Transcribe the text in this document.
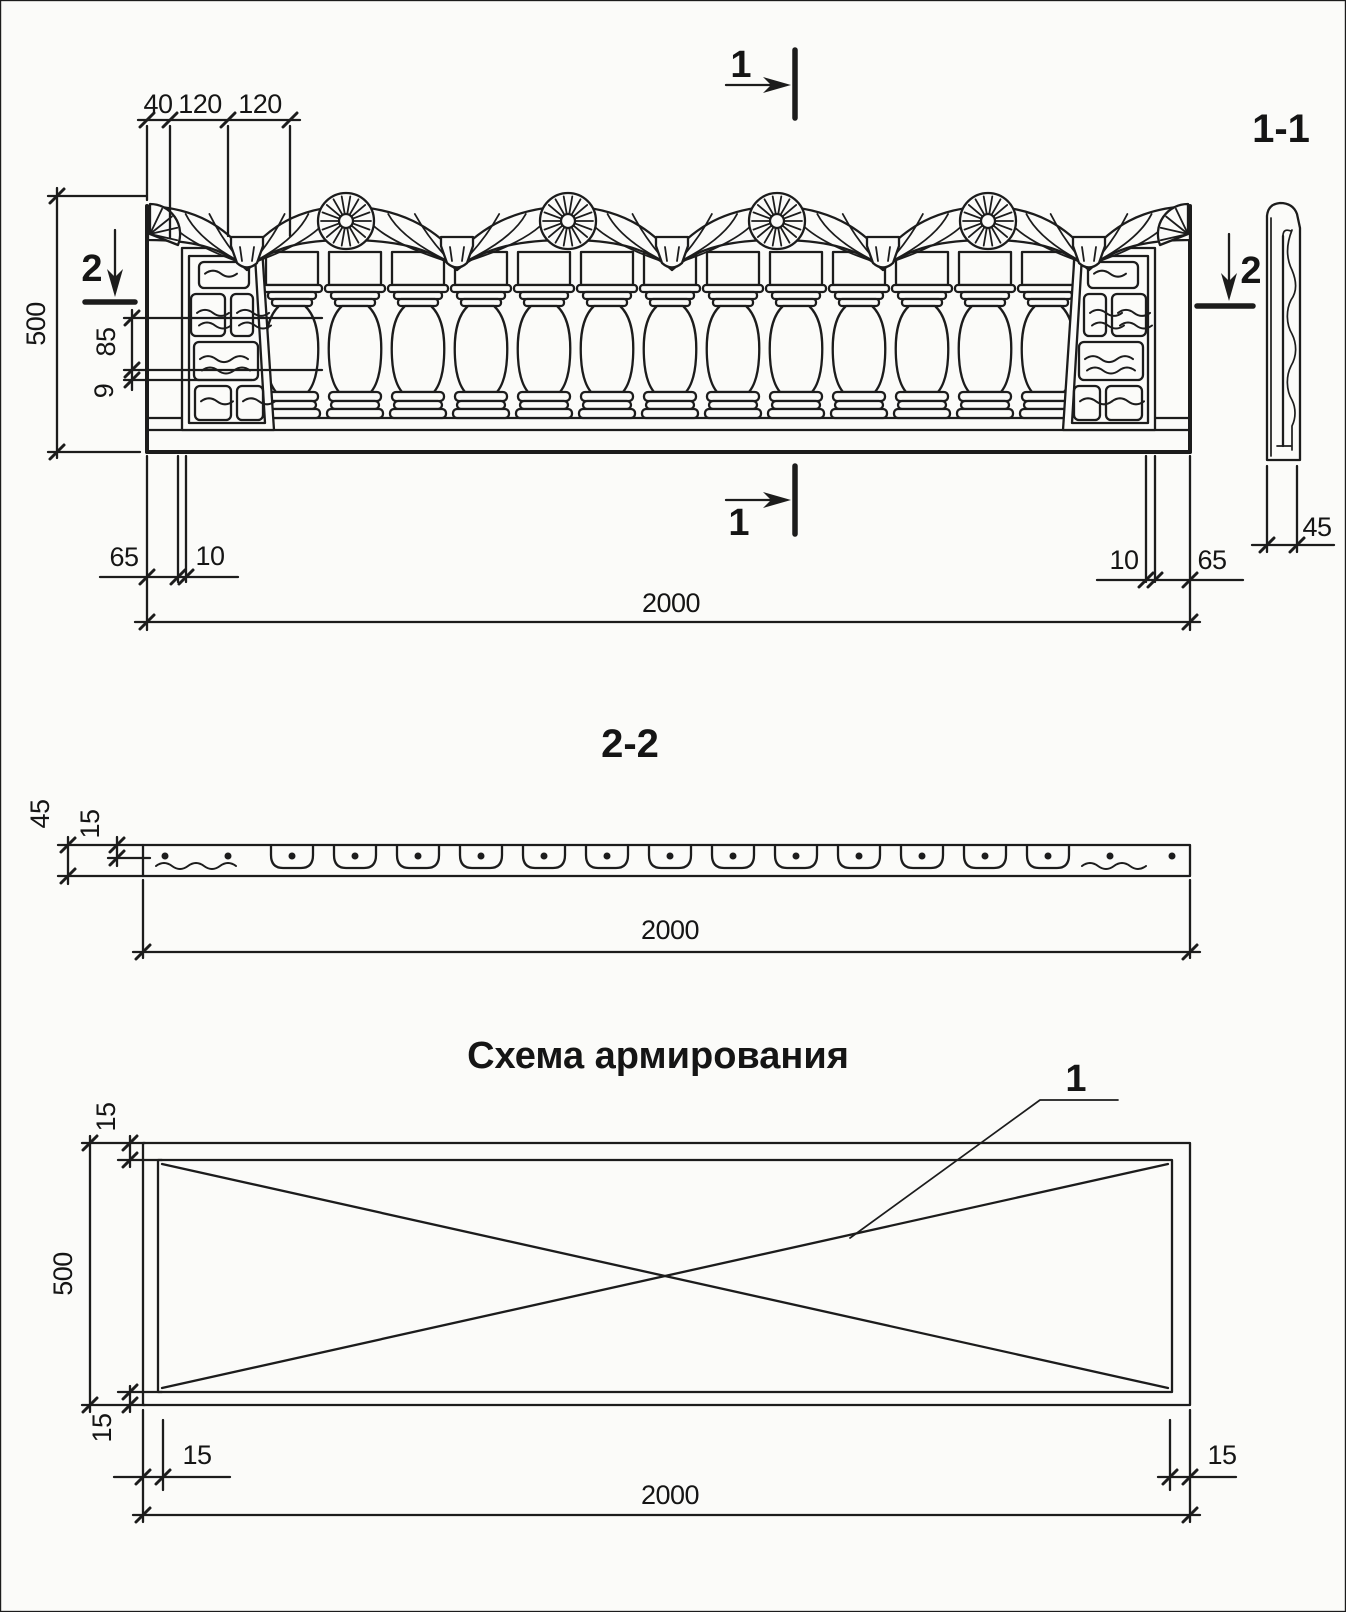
40 120 120
500 85
9
65 10	10 65
2000
1
1
2	2
1-1
45
2-2
45 15
2000
Схема армирования
1
15
500
15
15	15
2000
